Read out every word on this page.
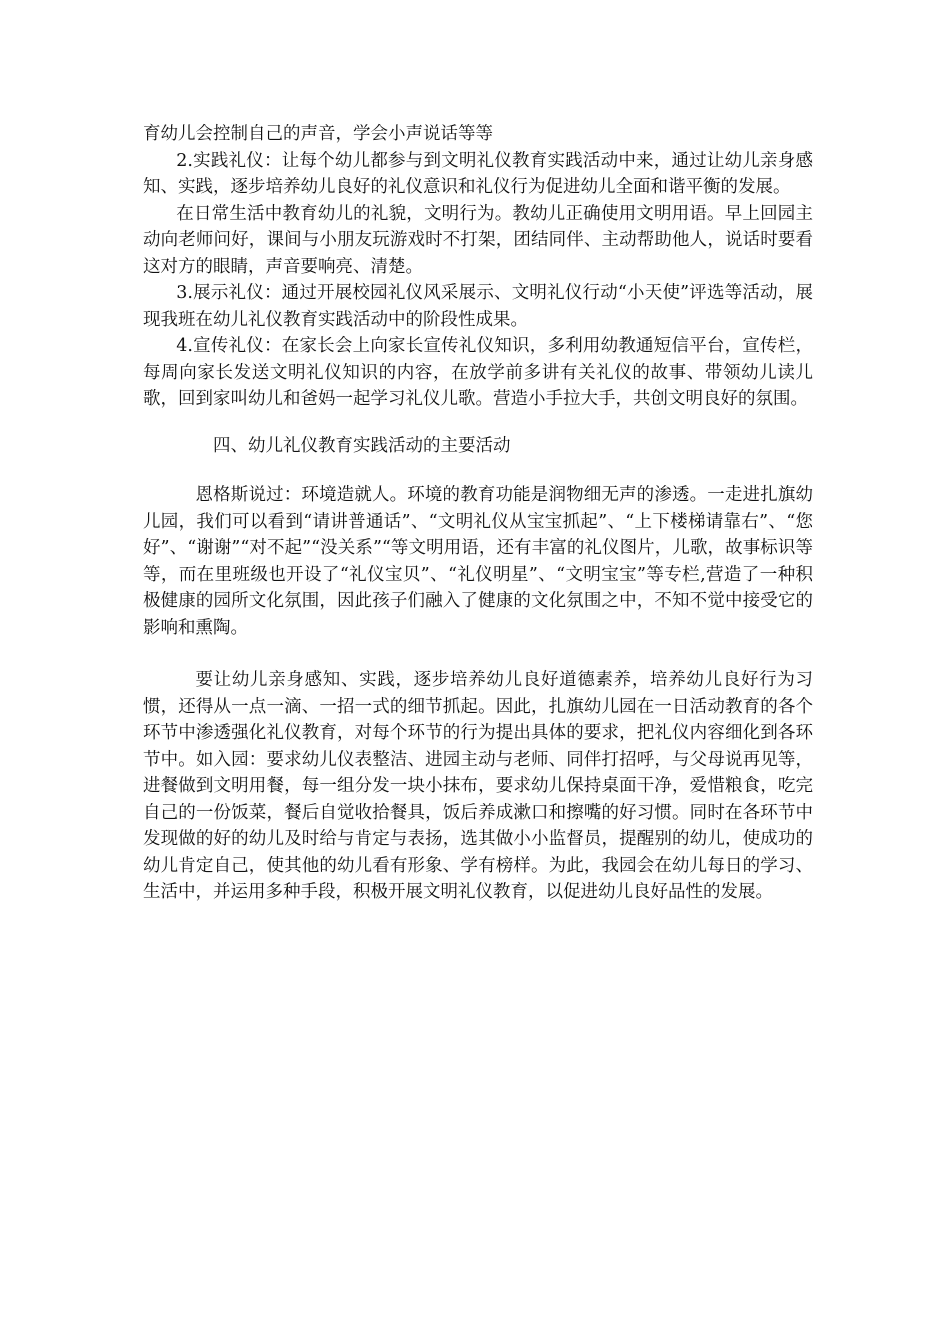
育幼儿会控制自己的声音，学会小声说话等等

2.实践礼仪：让每个幼儿都参与到文明礼仪教育实践活动中来，通过让幼儿亲身感知、实践，逐步培养幼儿良好的礼仪意识和礼仪行为促进幼儿全面和谐平衡的发展。

在日常生活中教育幼儿的礼貌，文明行为。教幼儿正确使用文明用语。早上回园主动向老师问好，课间与小朋友玩游戏时不打架，团结同伴、主动帮助他人，说话时要看这对方的眼睛，声音要响亮、清楚。

3.展示礼仪：通过开展校园礼仪风采展示、文明礼仪行动“小天使”评选等活动，展现我班在幼儿礼仪教育实践活动中的阶段性成果。

4.宣传礼仪：在家长会上向家长宣传礼仪知识，多利用幼教通短信平台，宣传栏，每周向家长发送文明礼仪知识的内容，在放学前多讲有关礼仪的故事、带领幼儿读儿歌，回到家叫幼儿和爸妈一起学习礼仪儿歌。营造小手拉大手，共创文明良好的氛围。

四、幼儿礼仪教育实践活动的主要活动

恩格斯说过：环境造就人。环境的教育功能是润物细无声的渗透。一走进扎旗幼儿园，我们可以看到“请讲普通话”、“文明礼仪从宝宝抓起”、“上下楼梯请靠右”、“您好”、“谢谢”“对不起”“没关系”“等文明用语，还有丰富的礼仪图片，儿歌，故事标识等等，而在里班级也开设了“礼仪宝贝”、“礼仪明星”、“文明宝宝”等专栏,营造了一种积极健康的园所文化氛围，因此孩子们融入了健康的文化氛围之中，不知不觉中接受它的影响和熏陶。

要让幼儿亲身感知、实践，逐步培养幼儿良好道德素养，培养幼儿良好行为习惯，还得从一点一滴、一招一式的细节抓起。因此，扎旗幼儿园在一日活动教育的各个环节中渗透强化礼仪教育，对每个环节的行为提出具体的要求，把礼仪内容细化到各环节中。如入园：要求幼儿仪表整洁、进园主动与老师、同伴打招呼，与父母说再见等，进餐做到文明用餐，每一组分发一块小抹布，要求幼儿保持桌面干净，爱惜粮食，吃完自己的一份饭菜，餐后自觉收拾餐具，饭后养成漱口和擦嘴的好习惯。同时在各环节中发现做的好的幼儿及时给与肯定与表扬，选其做小小监督员，提醒别的幼儿，使成功的幼儿肯定自己，使其他的幼儿看有形象、学有榜样。为此，我园会在幼儿每日的学习、生活中，并运用多种手段，积极开展文明礼仪教育，以促进幼儿良好品性的发展。
